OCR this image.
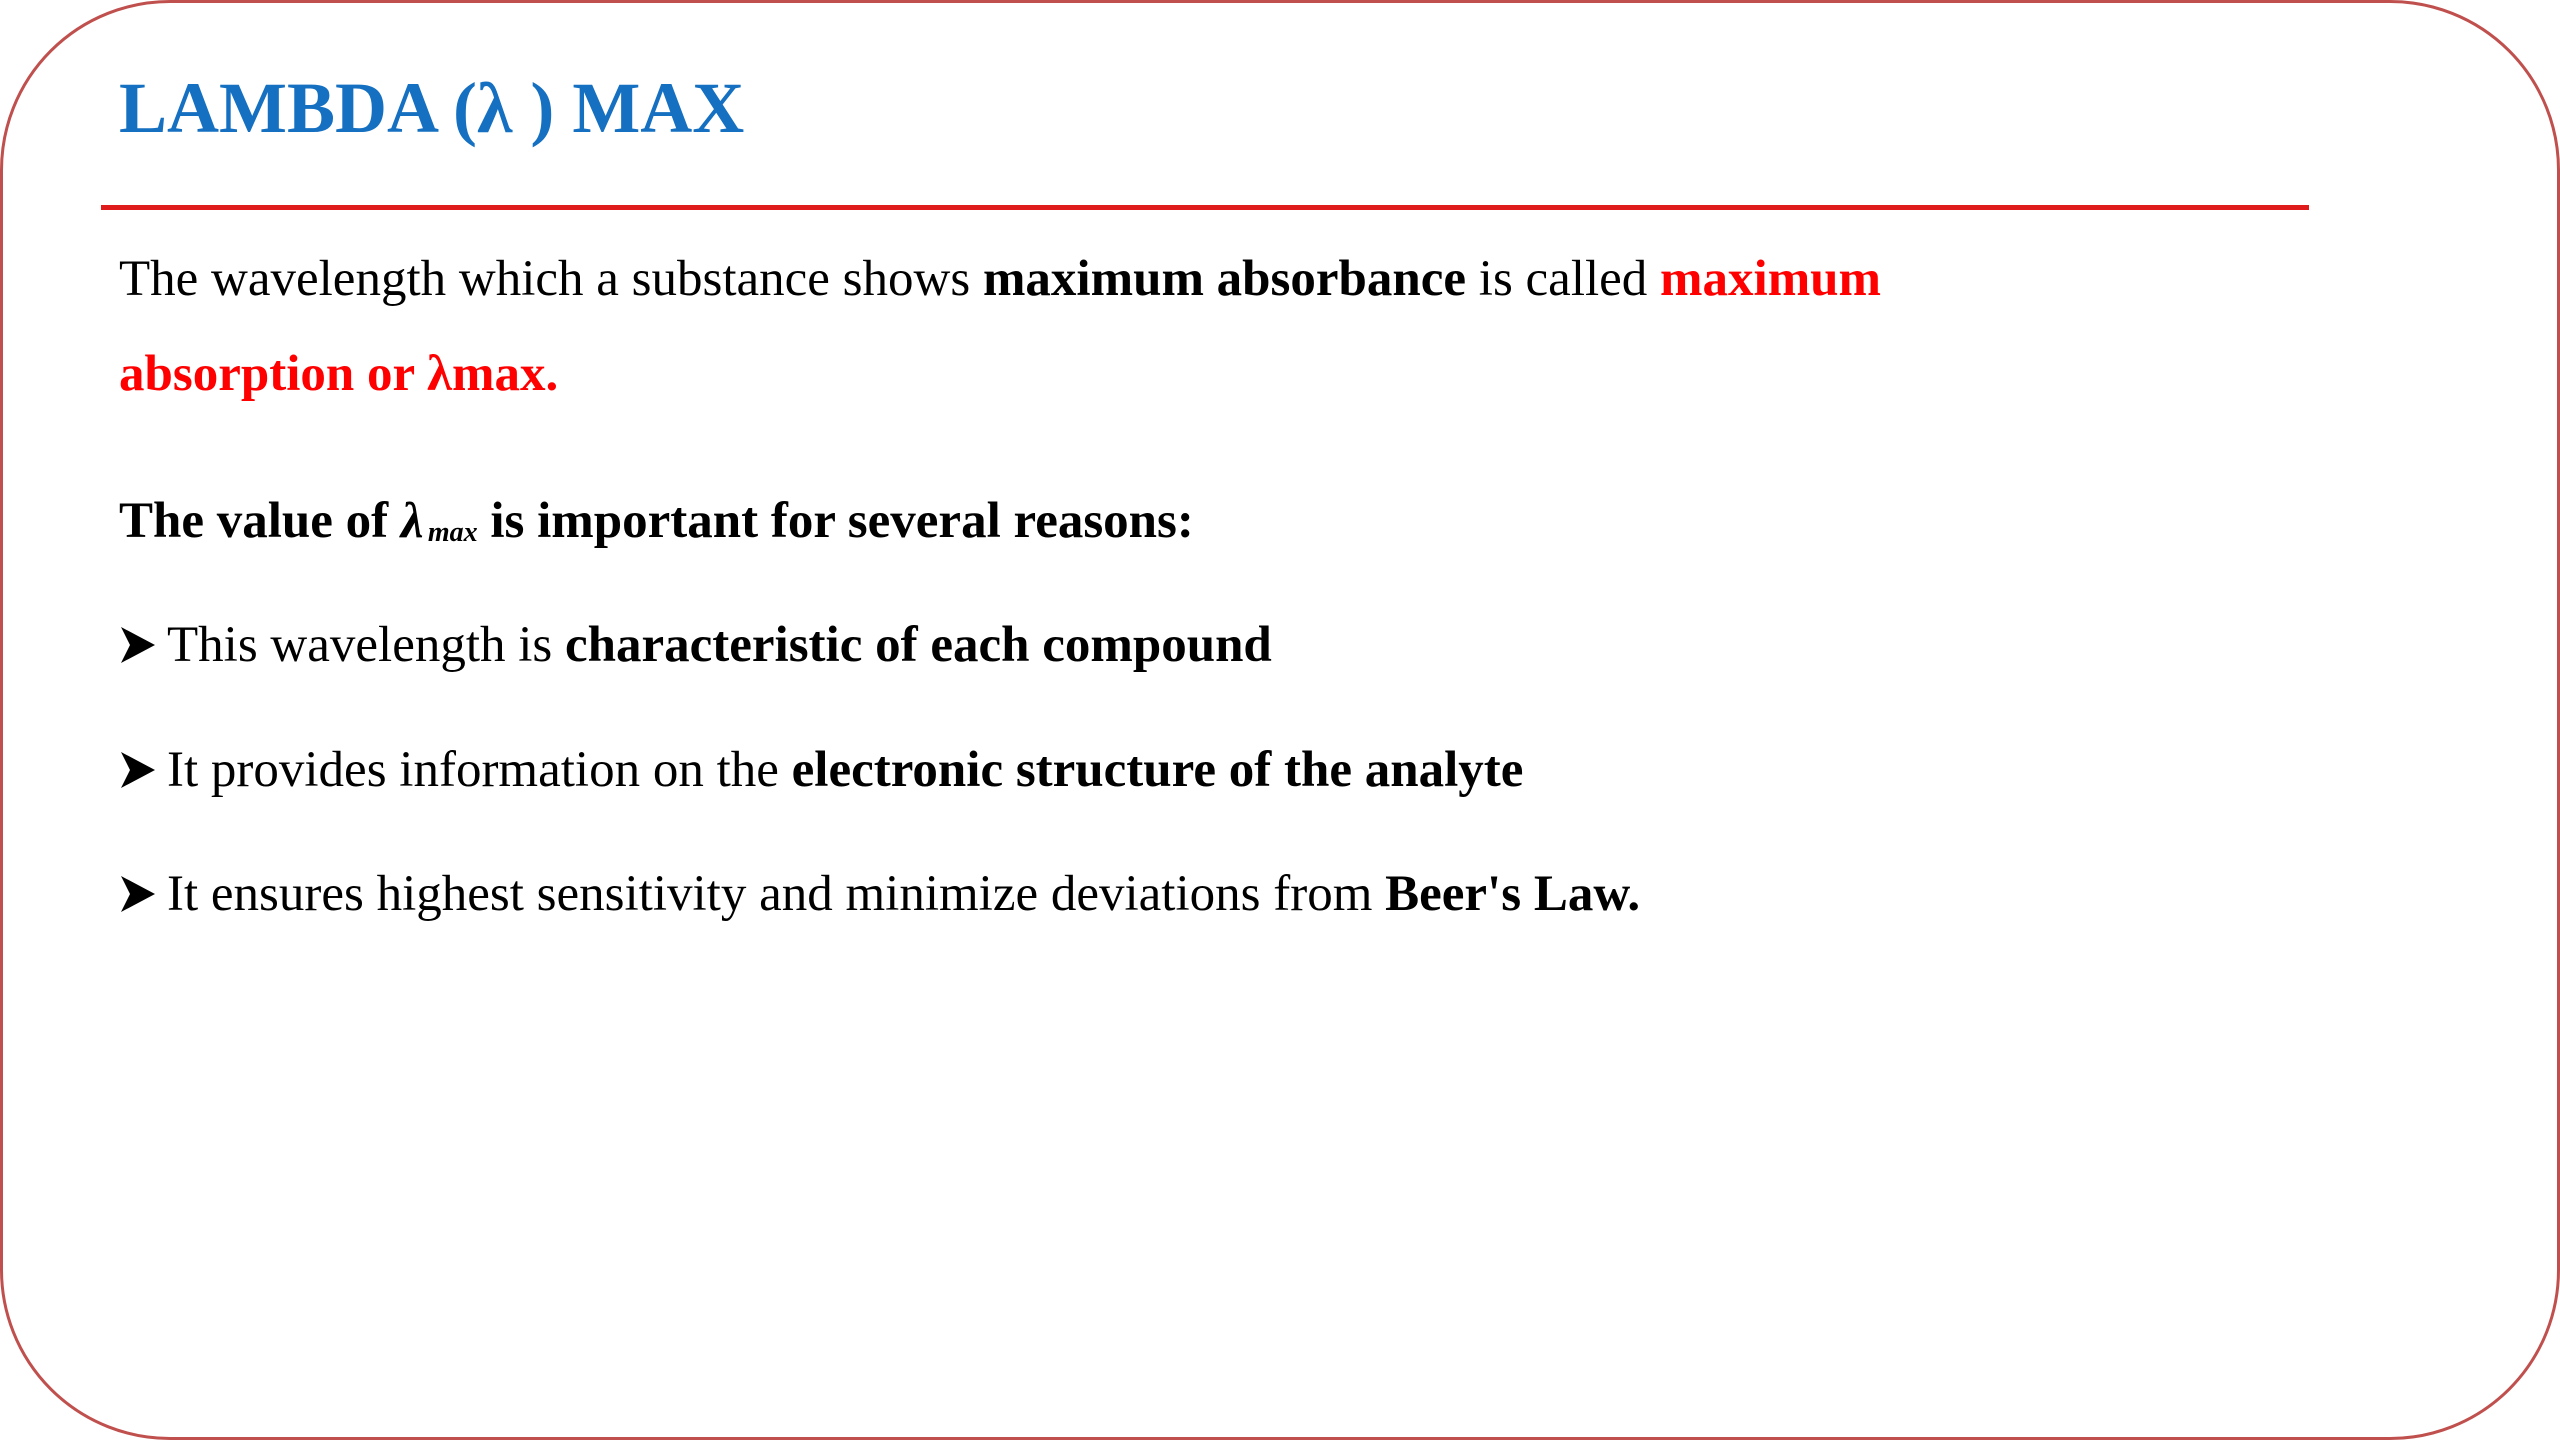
LAMBDA (λ ) MAX
The wavelength which a substance shows maximum absorbance is called maximum
absorption or λmax.
The value of λ  max is important for several reasons:
This wavelength is characteristic of each compound
It provides information on the electronic structure of the analyte
It ensures highest sensitivity and minimize deviations from Beer's Law.
